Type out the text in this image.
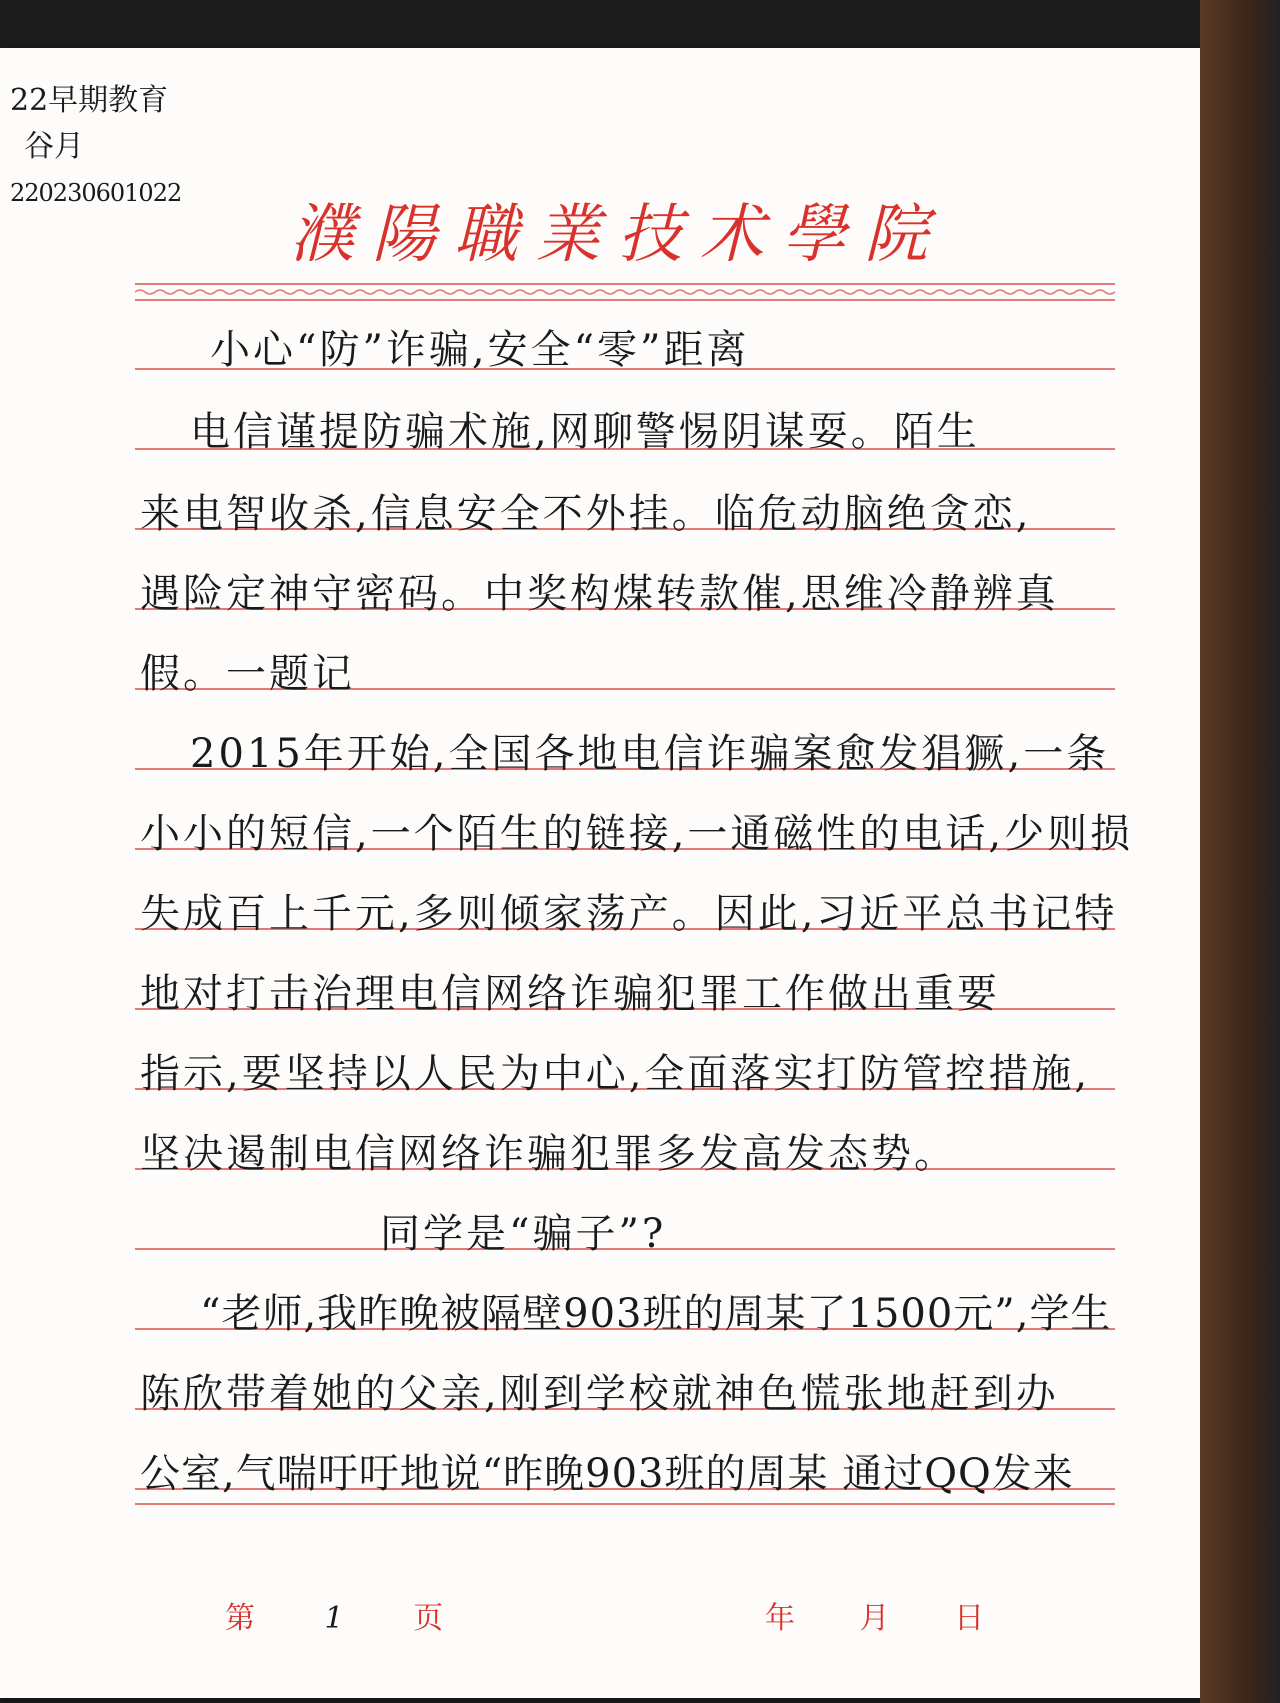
22早期教育
谷月
220230601022
濮陽職業技术學院
小心“防”诈骗,安全“零”距离
电信谨提防骗术施,网聊警惕阴谋耍。陌生
来电智收杀,信息安全不外挂。临危动脑绝贪恋,
遇险定神守密码。中奖构煤转款催,思维冷静辨真
假。一题记
2015年开始,全国各地电信诈骗案愈发猖獗,一条
小小的短信,一个陌生的链接,一通磁性的电话,少则损
失成百上千元,多则倾家荡产。因此,习近平总书记特
地对打击治理电信网络诈骗犯罪工作做出重要
指示,要坚持以人民为中心,全面落实打防管控措施,
坚决遏制电信网络诈骗犯罪多发高发态势。
同学是“骗子”?
“老师,我昨晚被隔壁903班的周某了1500元”,学生
陈欣带着她的父亲,刚到学校就神色慌张地赶到办
公室,气喘吁吁地说“昨晚903班的周某 通过QQ发来
第 1 页	年 月 日
